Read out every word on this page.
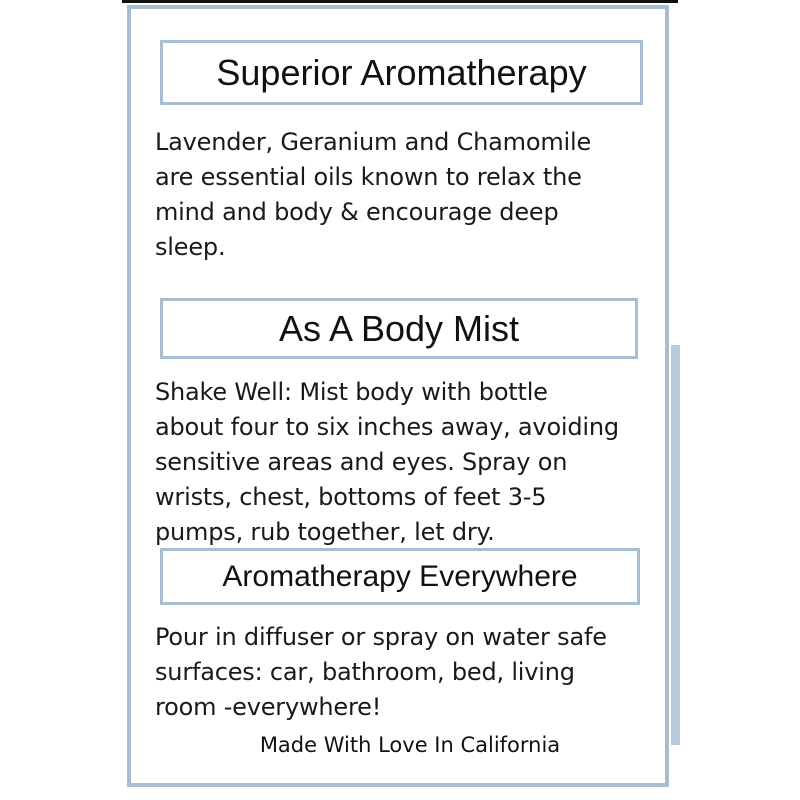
Superior Aromatherapy
Lavender, Geranium and Chamomile
are essential oils known to relax the
mind and body & encourage deep
sleep.
As A Body Mist
Shake Well: Mist body with bottle
about four to six inches away, avoiding
sensitive areas and eyes. Spray on
wrists, chest, bottoms of feet 3-5
pumps, rub together, let dry.
Aromatherapy Everywhere
Pour in diffuser or spray on water safe
surfaces: car, bathroom, bed, living
room -everywhere!
Made With Love In California
